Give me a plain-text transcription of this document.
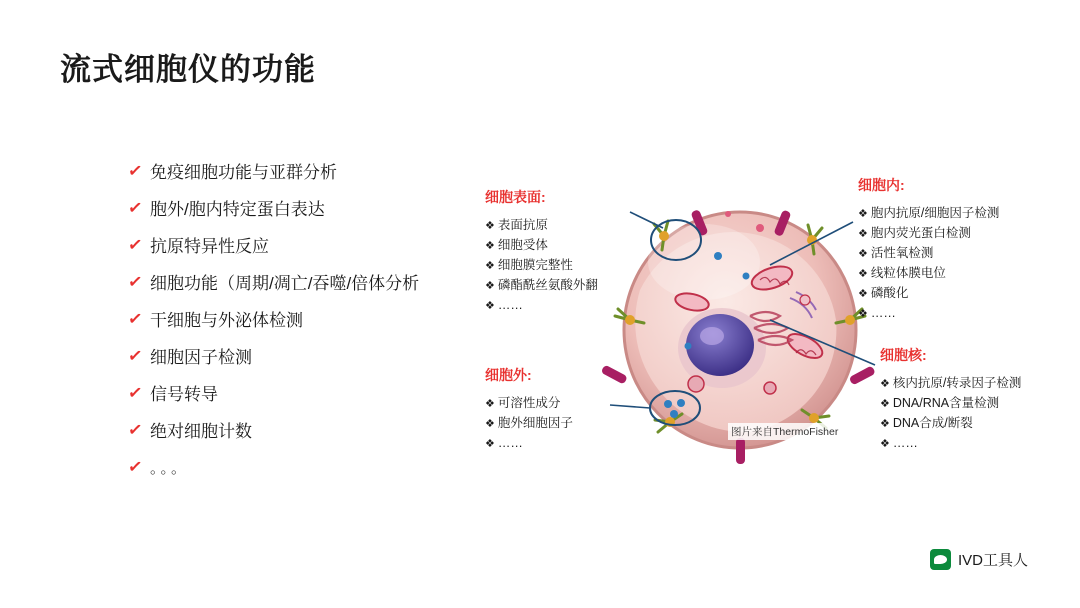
流式细胞仪的功能
✓ 免疫细胞功能与亚群分析
✓ 胞外/胞内特定蛋白表达
✓ 抗原特异性反应
✓ 细胞功能（周期/凋亡/吞噬/倍体分析
✓ 干细胞与外泌体检测
✓ 细胞因子检测
✓ 信号转导
✓ 绝对细胞计数
✓ 。。。
细胞表面:
❖ 表面抗原
❖ 细胞受体
❖ 细胞膜完整性
❖ 磷酯酰丝氨酸外翻
❖ ……
细胞内:
❖ 胞内抗原/细胞因子检测
❖ 胞内荧光蛋白检测
❖ 活性氧检测
❖ 线粒体膜电位
❖ 磷酸化
❖ ……
细胞核:
❖ 核内抗原/转录因子检测
❖ DNA/RNA含量检测
❖ DNA合成/断裂
❖ ……
细胞外:
❖ 可溶性成分
❖ 胞外细胞因子
❖ ……
图片来自ThermoFisher
IVD工具人
